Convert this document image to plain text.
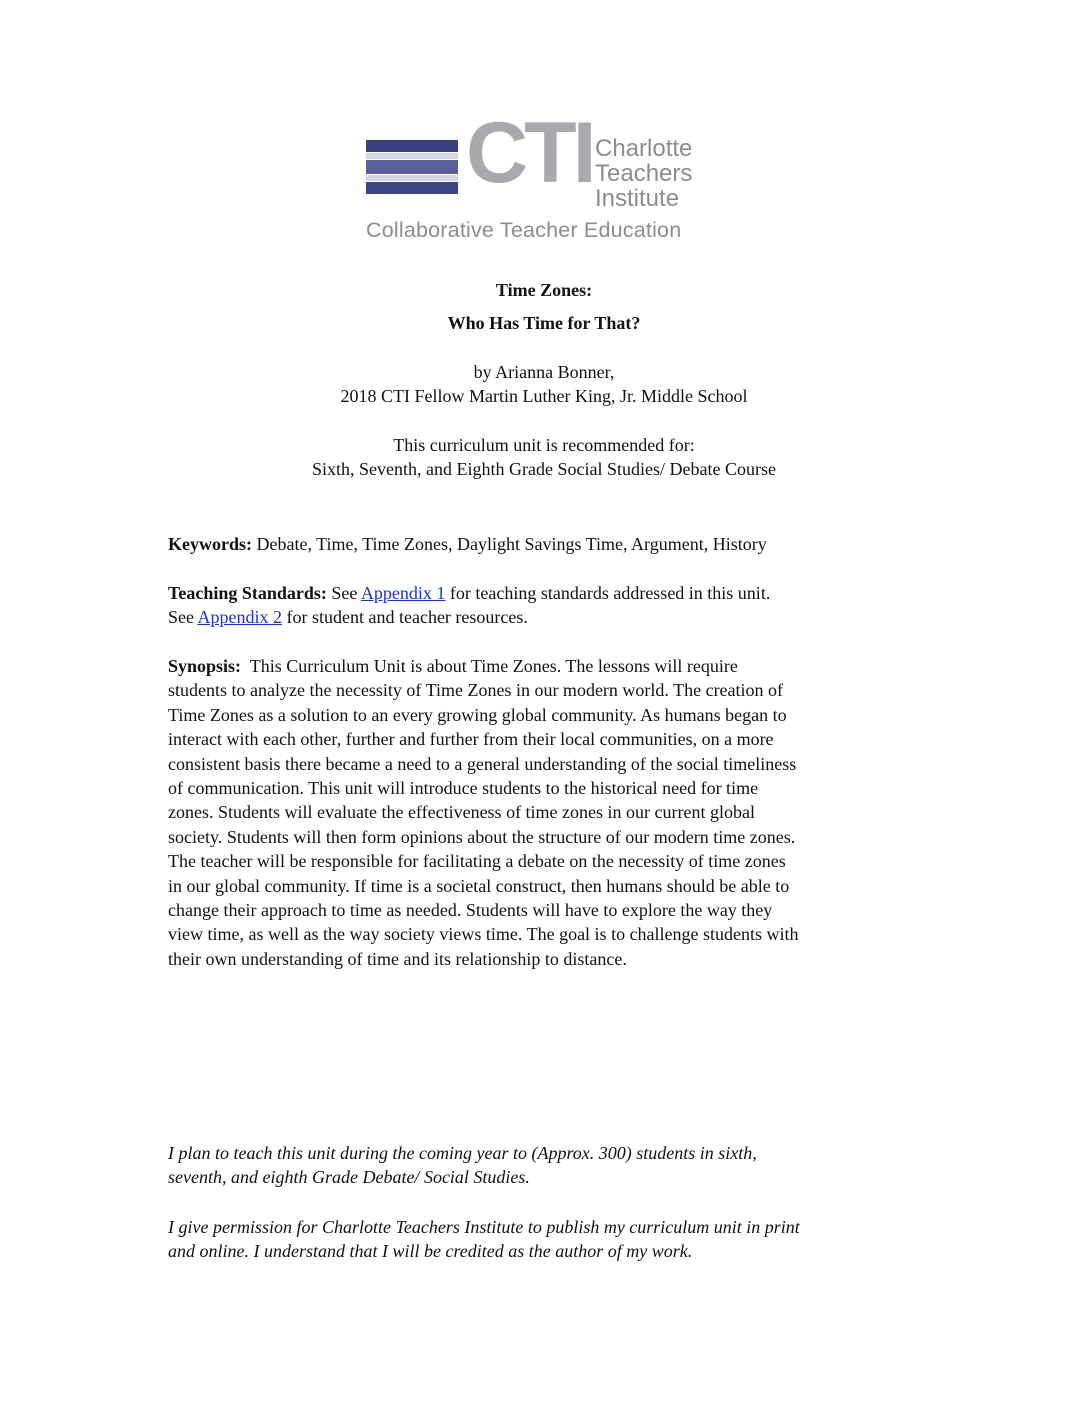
CTI Charlotte
Teachers
Institute
Collaborative Teacher Education
Time Zones:
Who Has Time for That?
by Arianna Bonner,
2018 CTI Fellow Martin Luther King, Jr. Middle School
This curriculum unit is recommended for:
Sixth, Seventh, and Eighth Grade Social Studies/ Debate Course
Keywords: Debate, Time, Time Zones, Daylight Savings Time, Argument, History
Teaching Standards: See Appendix 1 for teaching standards addressed in this unit.
See Appendix 2 for student and teacher resources.
Synopsis:  This Curriculum Unit is about Time Zones. The lessons will require
students to analyze the necessity of Time Zones in our modern world. The creation of
Time Zones as a solution to an every growing global community. As humans began to
interact with each other, further and further from their local communities, on a more
consistent basis there became a need to a general understanding of the social timeliness
of communication. This unit will introduce students to the historical need for time
zones. Students will evaluate the effectiveness of time zones in our current global
society. Students will then form opinions about the structure of our modern time zones.
The teacher will be responsible for facilitating a debate on the necessity of time zones
in our global community. If time is a societal construct, then humans should be able to
change their approach to time as needed. Students will have to explore the way they
view time, as well as the way society views time. The goal is to challenge students with
their own understanding of time and its relationship to distance.
I plan to teach this unit during the coming year to (Approx. 300) students in sixth,
seventh, and eighth Grade Debate/ Social Studies.
I give permission for Charlotte Teachers Institute to publish my curriculum unit in print
and online. I understand that I will be credited as the author of my work.
